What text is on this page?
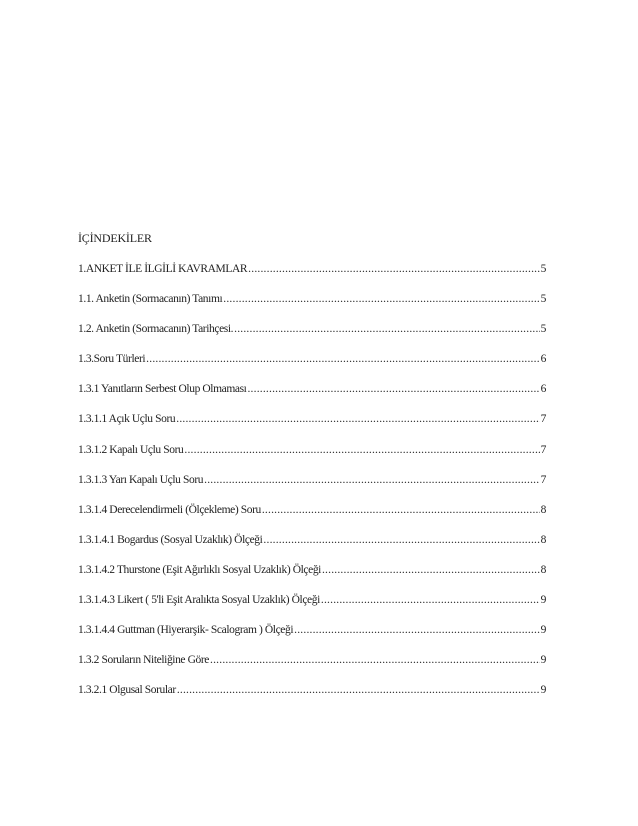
İÇİNDEKİLER
1.ANKET İLE İLGİLİ KAVRAMLAR .....	5
1.1. Anketin (Sormacanın) Tanımı .....	5
1.2. Anketin (Sormacanın) Tarihçesi. .....	5
1.3.Soru Türleri .....	6
1.3.1 Yanıtların Serbest Olup Olmaması .....	6
1.3.1.1 Açık Uçlu Soru .....	7
1.3.1.2 Kapalı Uçlu Soru .....	7
1.3.1.3 Yarı Kapalı Uçlu Soru .....	7
1.3.1.4 Derecelendirmeli (Ölçekleme) Soru .....	8
1.3.1.4.1 Bogardus (Sosyal Uzaklık) Ölçeği .....	8
1.3.1.4.2 Thurstone (Eşit Ağırlıklı Sosyal Uzaklık) Ölçeği .....	8
1.3.1.4.3 Likert ( 5'li Eşit Aralıkta Sosyal Uzaklık) Ölçeği .....	9
1.3.1.4.4 Guttman (Hiyerarşik- Scalogram ) Ölçeği .....	9
1.3.2 Soruların Niteliğine Göre .....	9
1.3.2.1 Olgusal Sorular .....	9
